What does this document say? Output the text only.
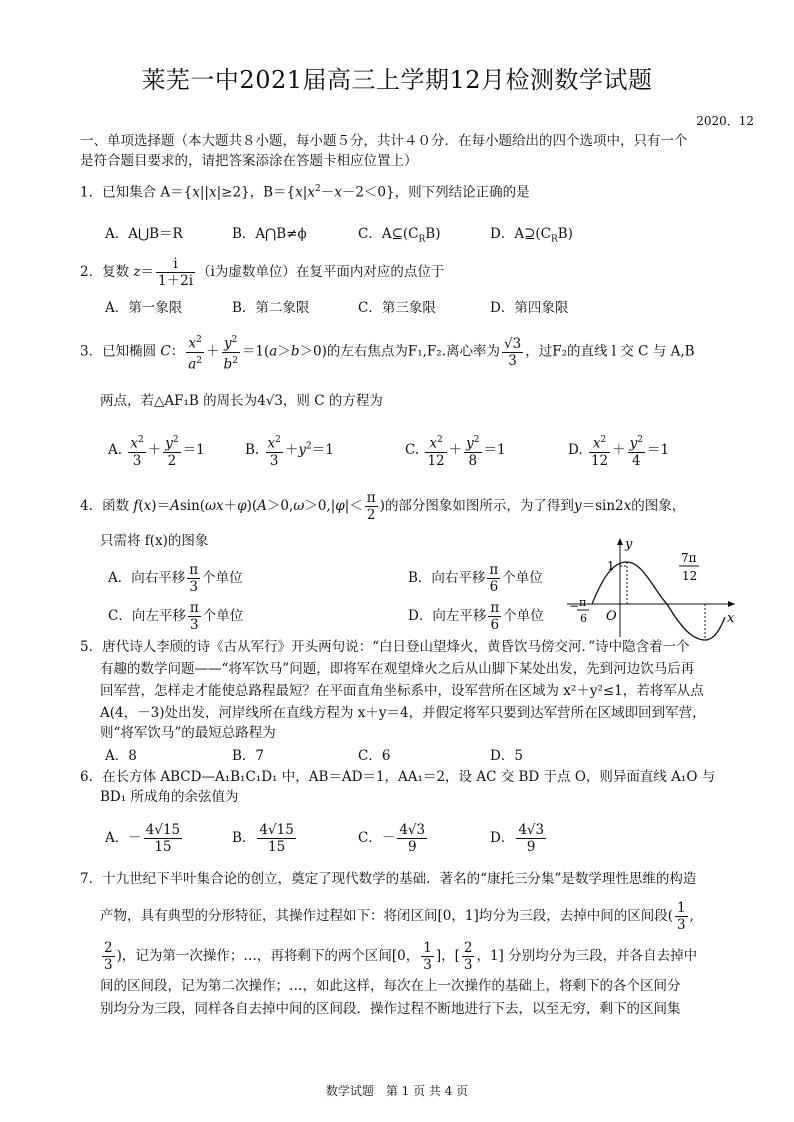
莱芜一中2021届高三上学期12月检测数学试题
2020．12
一、单项选择题（本大题共８小题，每小题５分，共计４０分．在每小题给出的四个选项中，只有一个
是符合题目要求的，请把答案添涂在答题卡相应位置上）
1．已知集合 A＝{x||x|≥2}，$B=\{x|x^2-x-2<0\}$，则下列结论正确的是
A．A⋃B＝R	B．A⋂B≠ϕ	C．$A⊆(C_RB)$	D．$A⊇(C_RB)$
2．复数 $z= \frac{i}{1+2i} (i$为虚数单位）在复平面内对应的点位于
A．第一象限	B．第二象限	C．第三象限	D．第四象限
3．已知椭圆 C： $\frac{x^2}{a^2} + \frac{y^2}{b^2} =1(a>b>0)$的左右焦点为F₁,F₂.离心率为 $\frac{√3}{3}$ ，过F₂的直线 l 交 C 与 A,B
两点，若△AF₁B 的周长为4√3，则 C 的方程为
A. $\frac{x^2}{3} + \frac{y^2}{2} =1$	B. $\frac{x^2}{3} +y^2=1$	C. $\frac{x^2}{12} + \frac{y^2}{8} =1$	D. $\frac{x^2}{12} + \frac{y^2}{4} =1$
4．函数 $f(x)=Asin(\omega x+\varphi)(A>0,\omega>0,|\varphi|< \frac{\pi}{2}$ )的部分图象如图所示，为了得到y＝sin2x的图象，
只需将 f(x)的图象
A．向右平移 $\frac{\pi}{3}$ 个单位	B．向右平移 $\frac{\pi}{6}$ 个单位
C．向左平移 $\frac{\pi}{3}$ 个单位	D．向左平移 $\frac{\pi}{6}$ 个单位
y
x
O
1
− π
6
7π
12
5．唐代诗人李颀的诗《古从军行》开头两句说：“白日登山望烽火，黄昏饮马傍交河．”诗中隐含着一个
有趣的数学问题——“将军饮马”问题，即将军在观望烽火之后从山脚下某处出发，先到河边饮马后再
回军营，怎样走才能使总路程最短？在平面直角坐标系中，设军营所在区域为 x²＋y²≤1，若将军从点
A(4，－3)处出发，河岸线所在直线方程为 x＋y＝4，并假定将军只要到达军营所在区域即回到军营，
则“将军饮马”的最短总路程为
A．8	B．7	C．6	D．5
6．在长方体 ABCD—A₁B₁C₁D₁ 中，AB＝AD＝1，AA₁＝2，设 AC 交 BD 于点 O，则异面直线 A₁O 与
BD₁ 所成角的余弦值为
A．－ $\frac{4√15}{15}$	B． $\frac{4√15}{15}$	C．－ $\frac{4√3}{9}$	D． $\frac{4√3}{9}$
7．十九世纪下半叶集合论的创立，奠定了现代数学的基础．著名的“康托三分集”是数学理性思维的构造
产物，具有典型的分形特征，其操作过程如下：将闭区间[0，1]均分为三段，去掉中间的区间段( $\frac{1}{3}$ ,
$\frac{2}{3}$ )，记为第一次操作；…，再将剩下的两个区间[0， $\frac{1}{3}$ ]，[ $\frac{2}{3}$ ，1] 分别均分为三段，并各自去掉中
间的区间段，记为第二次操作；…，如此这样，每次在上一次操作的基础上，将剩下的各个区间分
别均分为三段，同样各自去掉中间的区间段．操作过程不断地进行下去，以至无穷，剩下的区间集
数学试题　第 1 页 共 4 页
